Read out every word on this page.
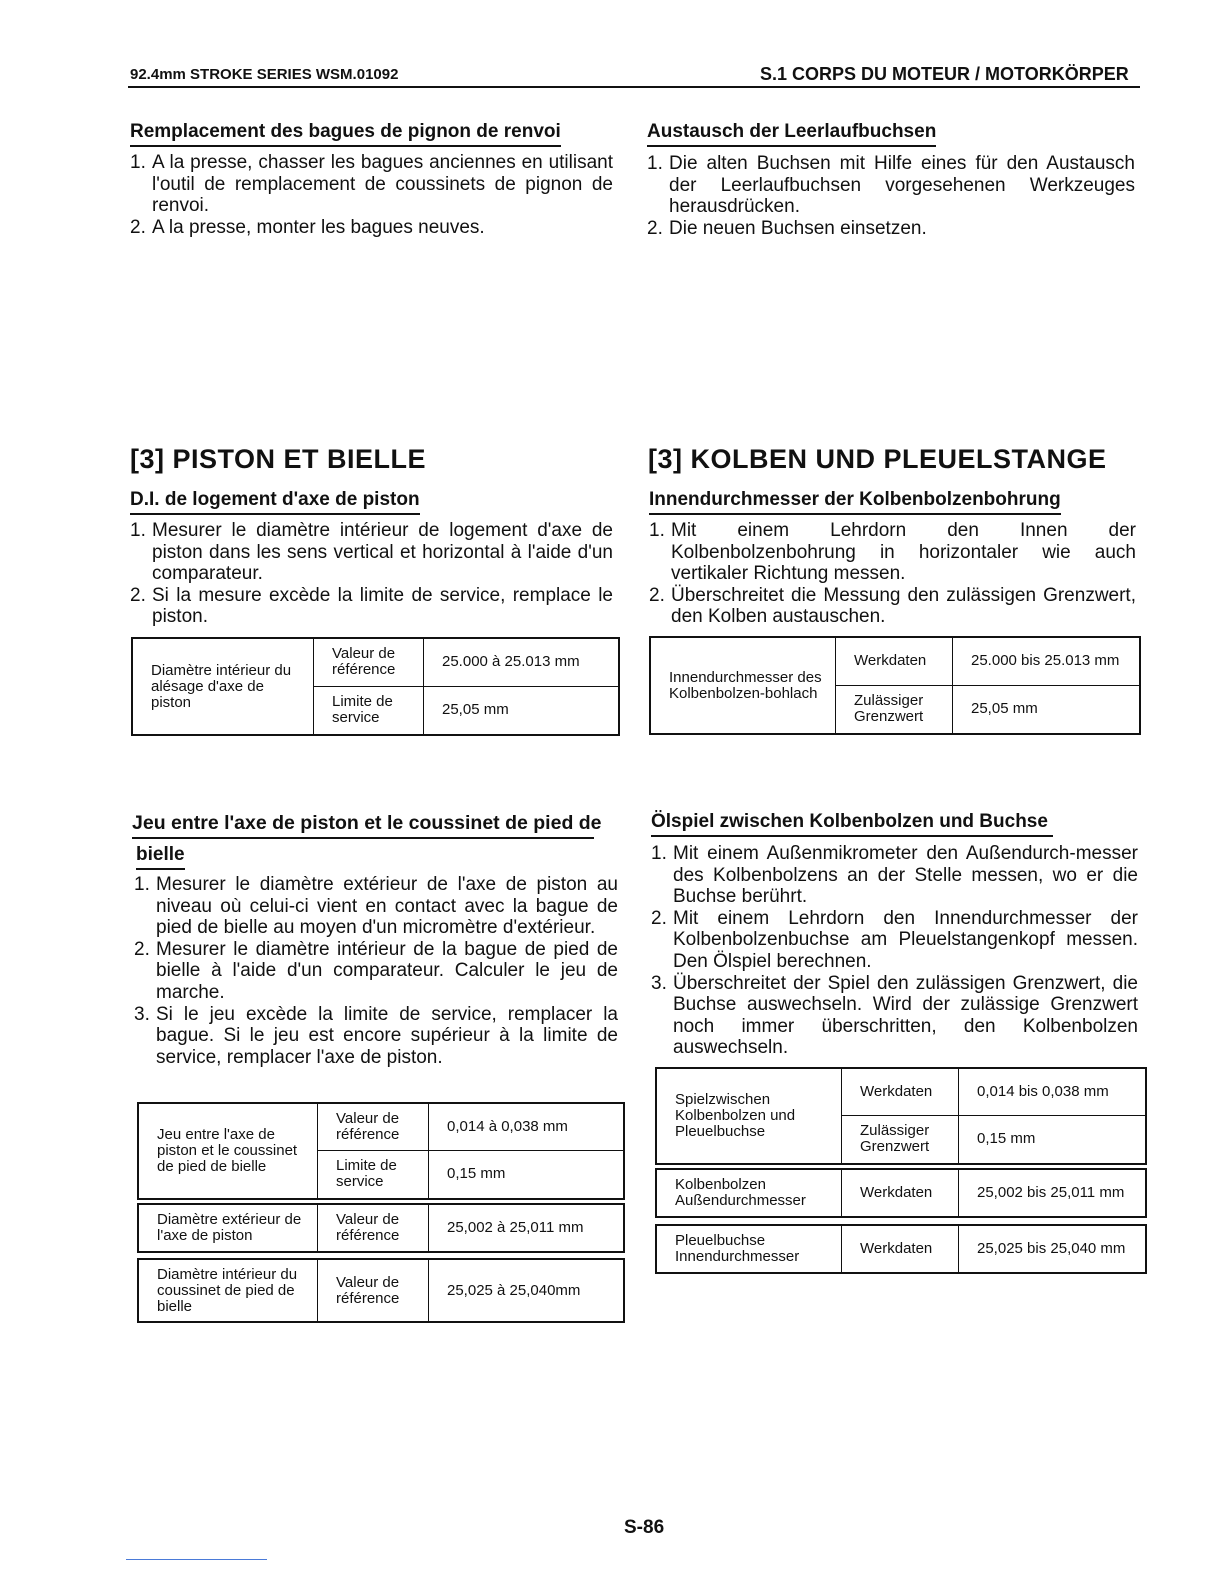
92.4mm STROKE SERIES WSM.01092	S.1 CORPS DU MOTEUR / MOTORKÖRPER
Remplacement des bagues de pignon de renvoi
1. A la presse, chasser les bagues anciennes en utilisant l'outil de remplacement de coussinets de pignon de renvoi.
2. A la presse, monter les bagues neuves.
[3] PISTON ET BIELLE
D.I. de logement d'axe de piston
1. Mesurer le diamètre intérieur de logement d'axe de piston dans les sens vertical et horizontal à l'aide d'un comparateur.
2. Si la mesure excède la limite de service, remplace le piston.
Diamètre intérieur du alésage d'axe de piston	Valeur de référence	25.000 à 25.013 mm
	Limite de service	25,05 mm
Jeu entre l'axe de piston et le coussinet de pied de
bielle
1. Mesurer le diamètre extérieur de l'axe de piston au niveau où celui-ci vient en contact avec la bague de pied de bielle au moyen d'un micromètre d'extérieur.
2. Mesurer le diamètre intérieur de la bague de pied de bielle à l'aide d'un comparateur. Calculer le jeu de marche.
3. Si le jeu excède la limite de service, remplacer la bague. Si le jeu est encore supérieur à la limite de service, remplacer l'axe de piston.
Jeu entre l'axe de piston et le coussinet de pied de bielle	Valeur de référence	0,014 à 0,038 mm
	Limite de service	0,15 mm
Diamètre extérieur de l'axe de piston	Valeur de référence	25,002 à 25,011 mm
Diamètre intérieur du coussinet de pied de bielle	Valeur de référence	25,025 à 25,040mm
Austausch der Leerlaufbuchsen
1. Die alten Buchsen mit Hilfe eines für den Austausch der Leerlaufbuchsen vorgesehenen Werkzeuges herausdrücken.
2. Die neuen Buchsen einsetzen.
[3] KOLBEN UND PLEUELSTANGE
Innendurchmesser der Kolbenbolzenbohrung
1. Mit einem Lehrdorn den Innen der Kolbenbolzenbohrung in horizontaler wie auch vertikaler Richtung messen.
2. Überschreitet die Messung den zulässigen Grenzwert, den Kolben austauschen.
Innendurchmesser des Kolbenbolzen-bohlach	Werkdaten	25.000 bis 25.013 mm
	Zulässiger Grenzwert	25,05 mm
Ölspiel zwischen Kolbenbolzen und Buchse
1. Mit einem Außenmikrometer den Außendurch-messer des Kolbenbolzens an der Stelle messen, wo er die Buchse berührt.
2. Mit einem Lehrdorn den Innendurchmesser der Kolbenbolzenbuchse am Pleuelstangenkopf messen. Den Ölspiel berechnen.
3. Überschreitet der Spiel den zulässigen Grenzwert, die Buchse auswechseln. Wird der zulässige Grenzwert noch immer überschritten, den Kolbenbolzen auswechseln.
Spielzwischen Kolbenbolzen und Pleuelbuchse	Werkdaten	0,014 bis 0,038 mm
	Zulässiger Grenzwert	0,15 mm
Kolbenbolzen Außendurchmesser	Werkdaten	25,002 bis 25,011 mm
Pleuelbuchse Innendurchmesser	Werkdaten	25,025 bis 25,040 mm
S-86
